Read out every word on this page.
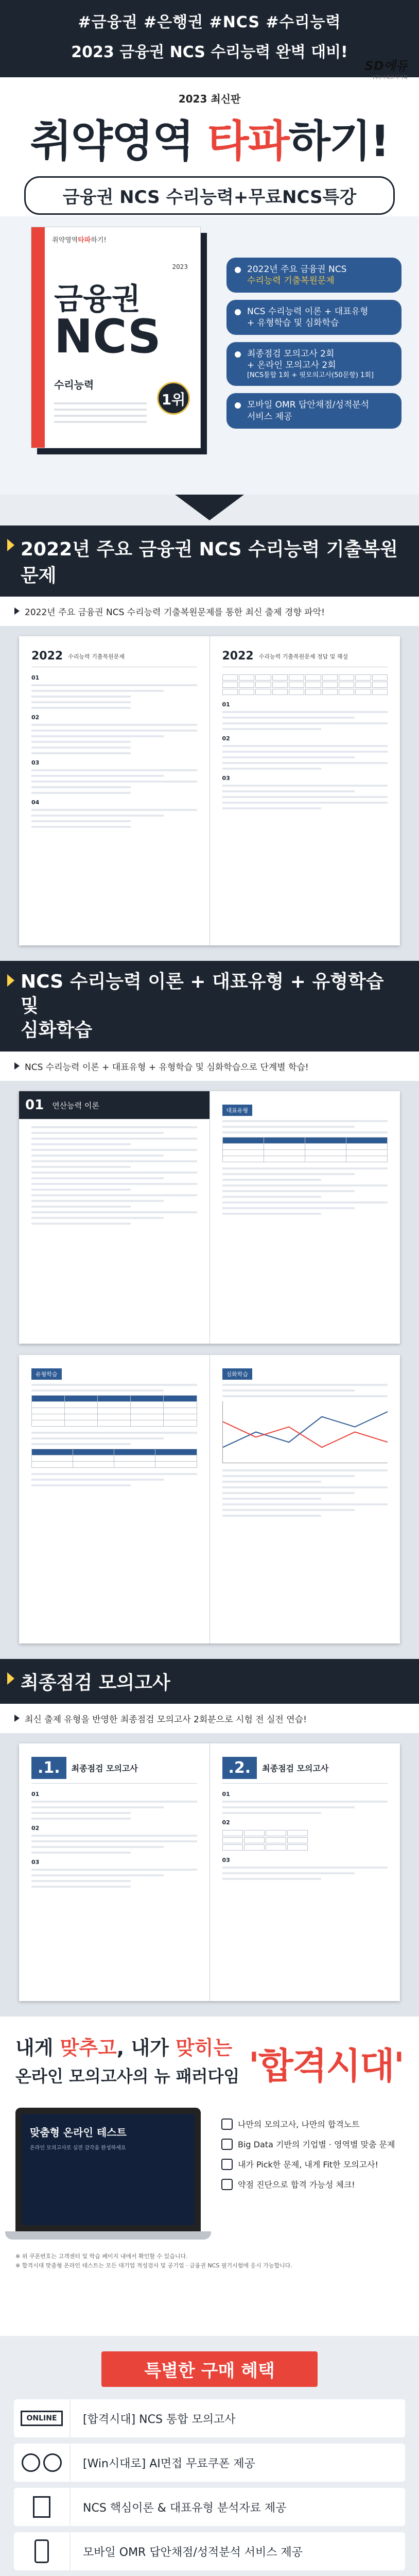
#금융권 #은행권 #NCS #수리능력
2023 금융권 NCS 수리능력 완벽 대비!
SD에듀
(주)시대고시기획
2023 최신판
취약영역 타파하기!
금융권 NCS 수리능력+무료NCS특강
취약영역타파하기!
2023
금융권
NCS
수리능력
1위
2022년 주요 금융권 NCS
수리능력 기출복원문제
NCS 수리능력 이론 + 대표유형
+ 유형학습 및 심화학습
최종점검 모의고사 2회
+ 온라인 모의고사 2회
[NCS통합 1회 + 핏모의고사(50문항) 1회]
모바일 OMR 답안채점/성적분석
서비스 제공
2022년 주요 금융권 NCS 수리능력 기출복원문제
2022년 주요 금융권 NCS 수리능력 기출복원문제를 통한 최신 출제 경향 파악!
2022 수리능력 기출복원문제
01
02
03
04
2022 수리능력 기출복원문제 정답 및 해설
01
02
03
NCS 수리능력 이론 + 대표유형 + 유형학습 및
심화학습
NCS 수리능력 이론 + 대표유형 + 유형학습 및 심화학습으로 단계별 학습!
01 연산능력 이론
대표유형

유형학습

				심화학습
최종점검 모의고사
최신 출제 유형을 반영한 최종점검 모의고사 2회분으로 시험 전 실전 연습!
.1.	최종점검 모의고사
01
02
03
.2.	최종점검 모의고사
01
02
03
내게 맞추고, 내가 맞히는
온라인 모의고사의 뉴 패러다임 '합격시대'
맞춤형 온라인 테스트
온라인 모의고사로 실전 감각을 완성하세요
나만의 모의고사, 나만의 합격노트
Big Data 기반의 기업별 · 영역별 맞춤 문제
내가 Pick한 문제, 내게 Fit한 모의고사!
약점 진단으로 합격 가능성 체크!
※ 위 쿠폰번호는 고객센터 및 학습 페이지 내에서 확인할 수 있습니다.
※ 합격시대 맞춤형 온라인 테스트는 모든 대기업 적성검사 및 공기업 · 금융권 NCS 필기시험에 응시 가능합니다.
특별한 구매 혜택
ONLINE	[합격시대] NCS 통합 모의고사
[Win시대로] AI면접 무료쿠폰 제공
NCS 핵심이론 & 대표유형 분석자료 제공
모바일 OMR 답안채점/성적분석 서비스 제공
